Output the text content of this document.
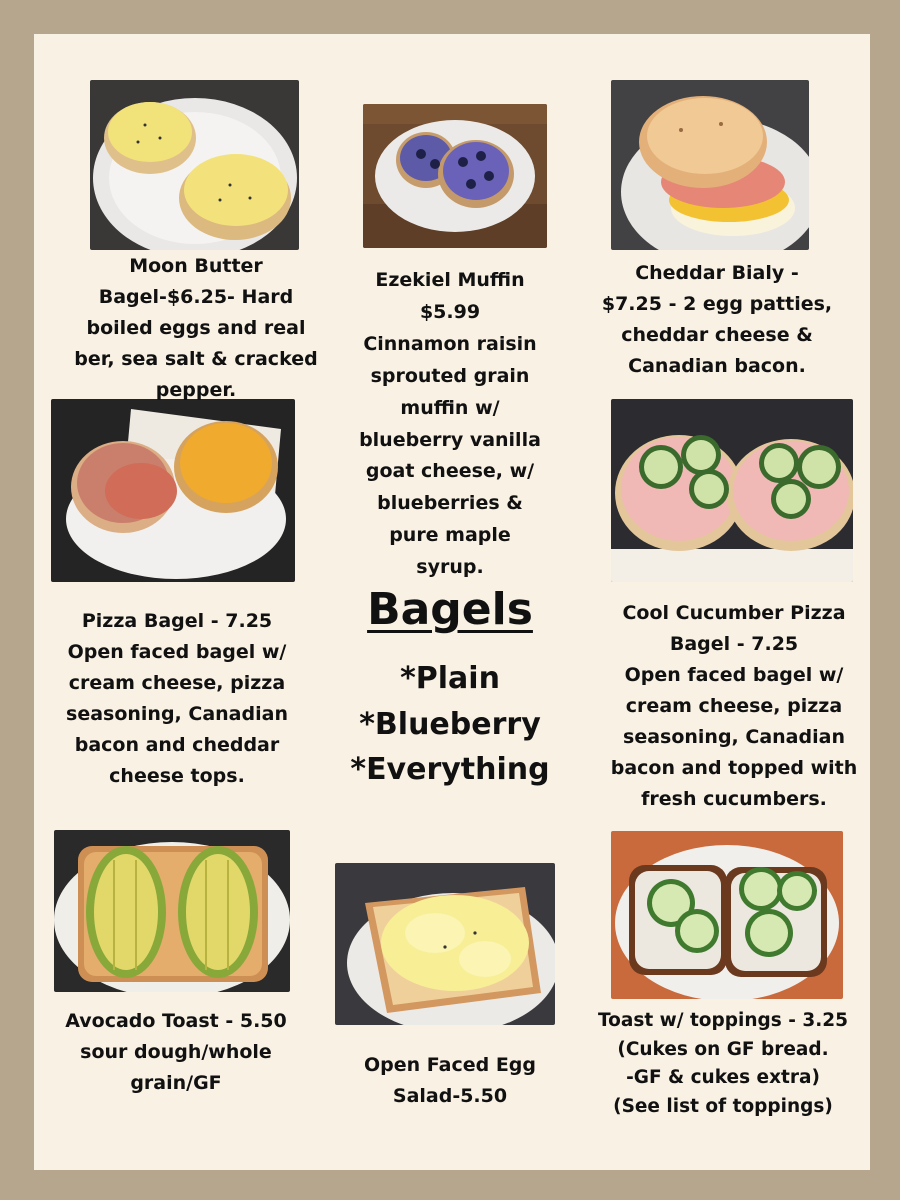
Moon Butter
Bagel-$6.25- Hard
boiled eggs and real
ber, sea salt & cracked
pepper.
Ezekiel Muffin
$5.99
Cinnamon raisin
sprouted grain
muffin w/
blueberry vanilla
goat cheese, w/
blueberries &
pure maple
syrup.
Cheddar Bialy -
$7.25 - 2 egg patties,
cheddar cheese &
Canadian bacon.
Pizza Bagel - 7.25
Open faced bagel w/
cream cheese, pizza
seasoning, Canadian
bacon and cheddar
cheese tops.
Bagels
*Plain
*Blueberry
*Everything
Cool Cucumber Pizza
Bagel - 7.25
Open faced bagel w/
cream cheese, pizza
seasoning, Canadian
bacon and topped with
fresh cucumbers.
Avocado Toast - 5.50
sour dough/whole
grain/GF
Open Faced Egg
Salad-5.50
Toast w/ toppings - 3.25
(Cukes on GF bread.
-GF & cukes extra)
(See list of toppings)
